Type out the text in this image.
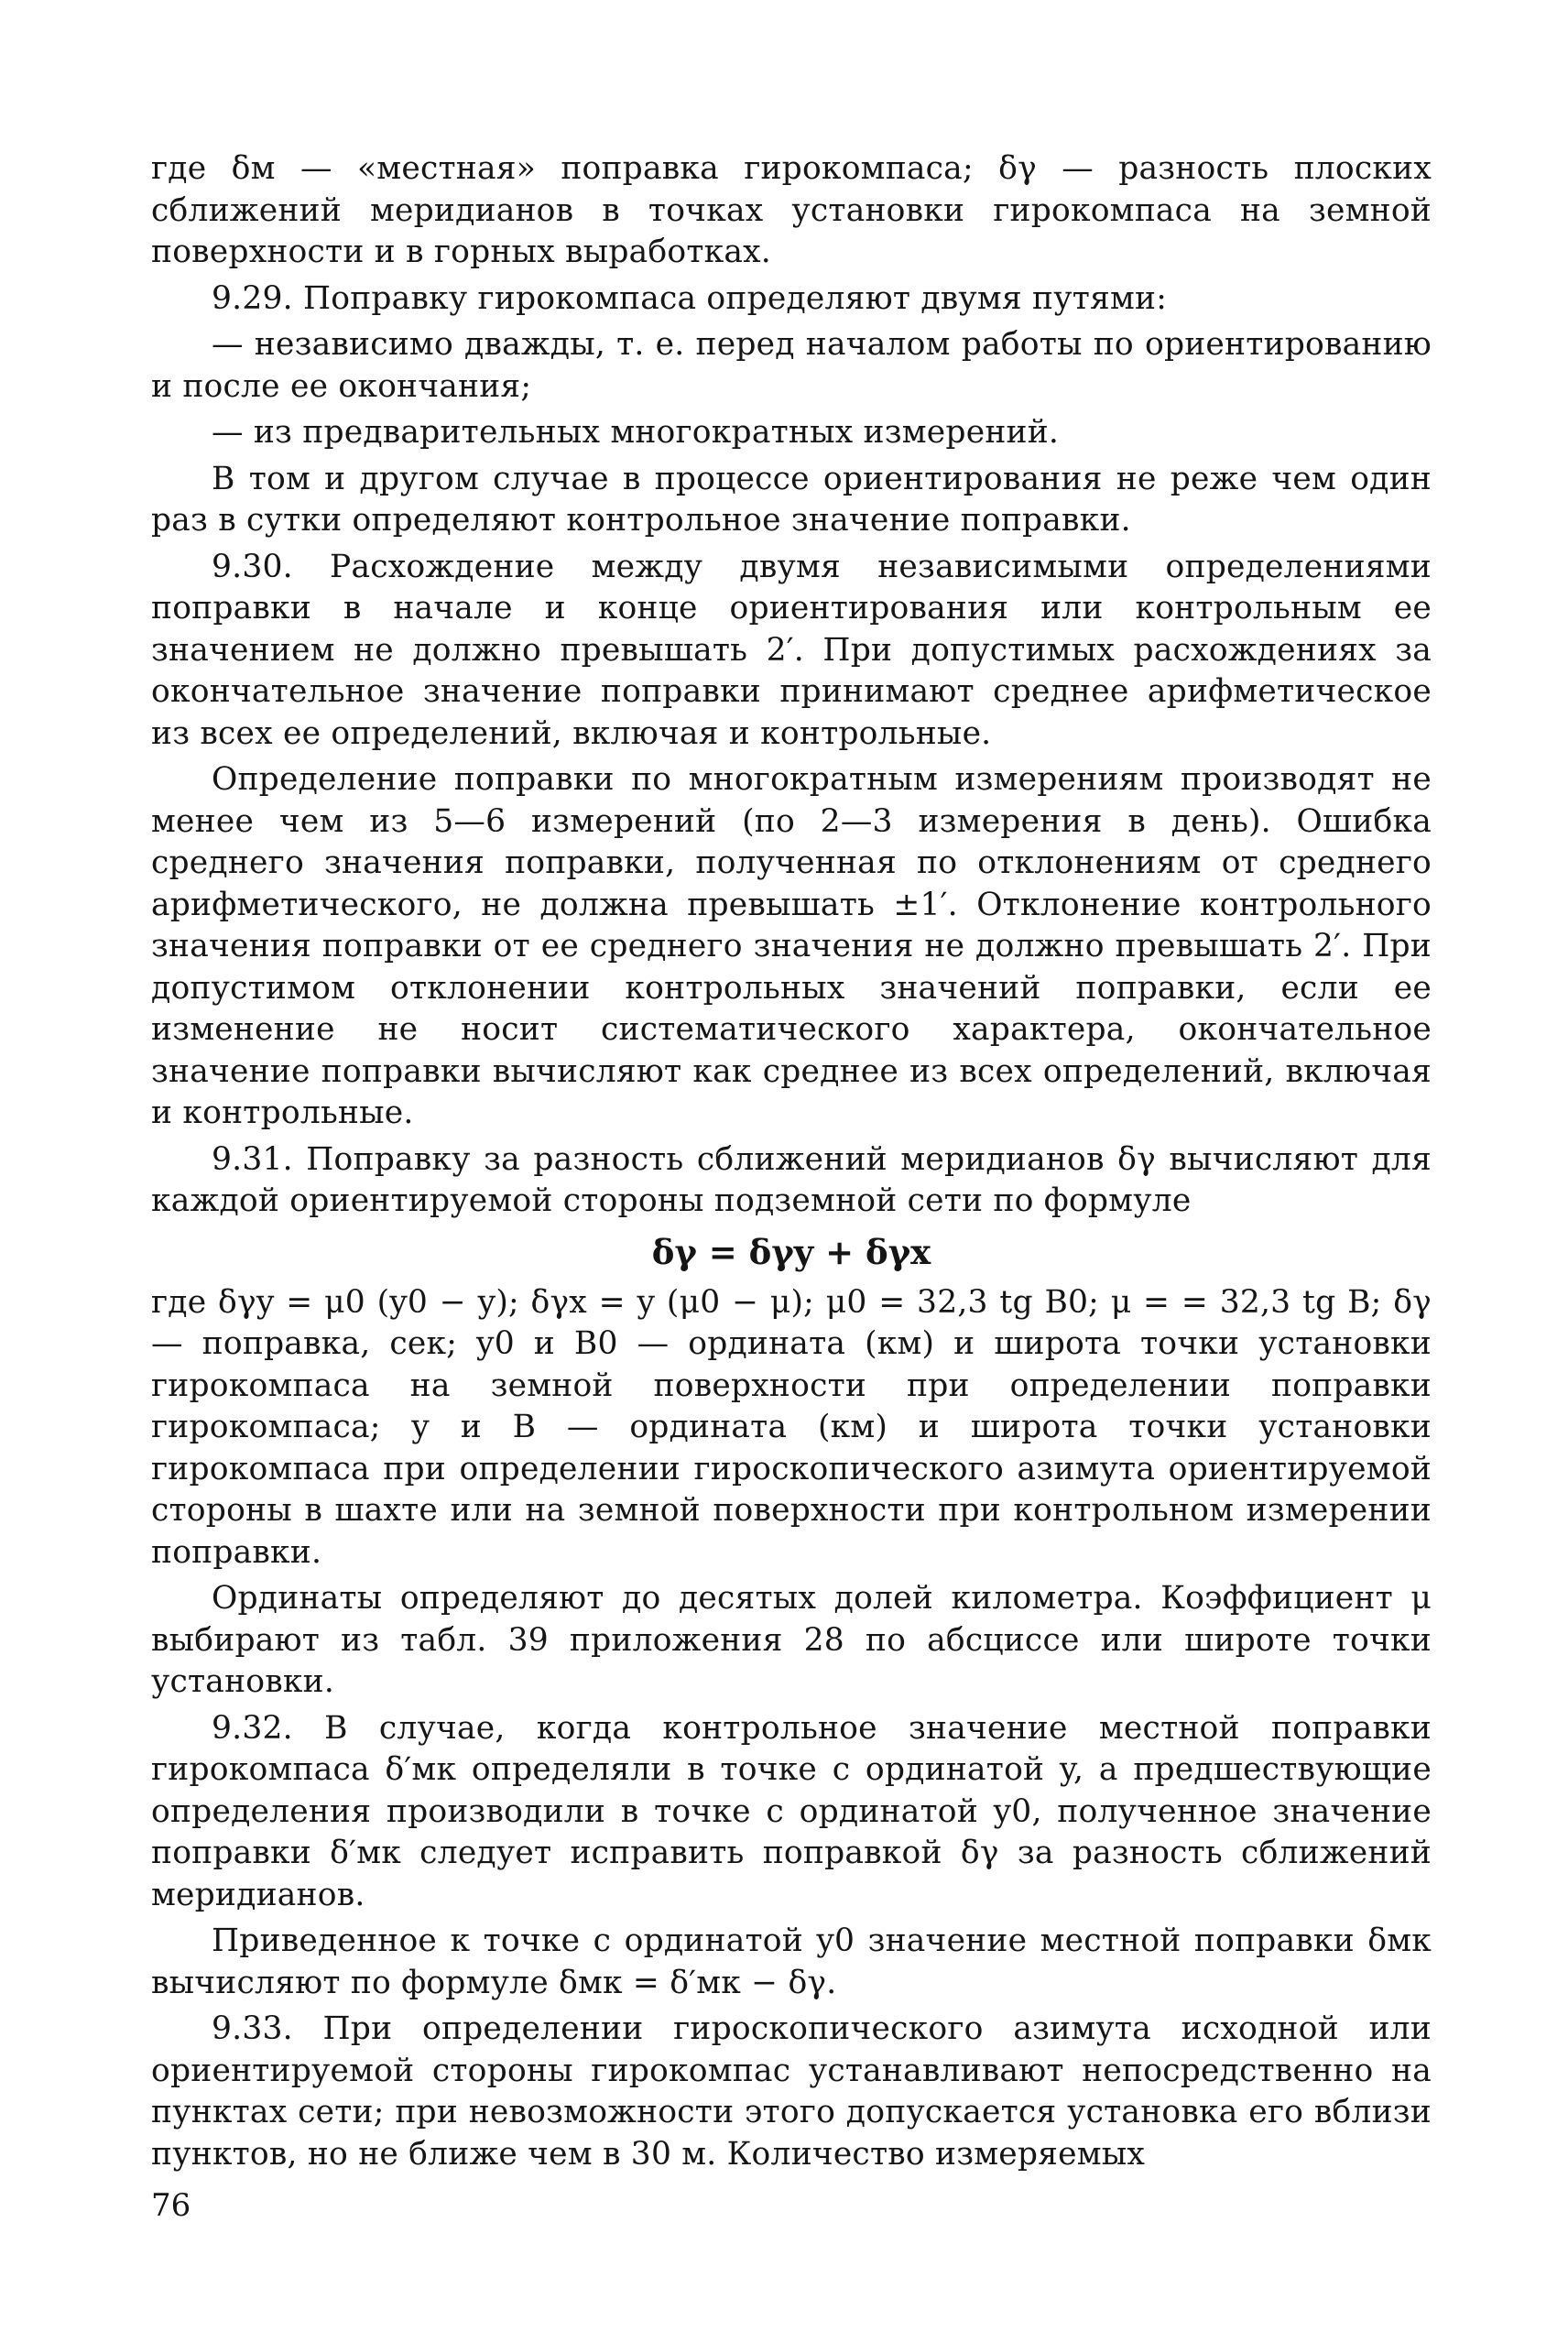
где δм — «местная» поправка гирокомпаса; δγ — разность плоских сближений меридианов в точках установки гирокомпаса на земной поверхности и в горных выработках.

9.29. Поправку гирокомпаса определяют двумя путями:

— независимо дважды, т. е. перед началом работы по ориентированию и после ее окончания;

— из предварительных многократных измерений.

В том и другом случае в процессе ориентирования не реже чем один раз в сутки определяют контрольное значение поправки.

9.30. Расхождение между двумя независимыми определениями поправки в начале и конце ориентирования или контрольным ее значением не должно превышать 2′. При допустимых расхождениях за окончательное значение поправки принимают среднее арифметическое из всех ее определений, включая и контрольные.

Определение поправки по многократным измерениям производят не менее чем из 5—6 измерений (по 2—3 измерения в день). Ошибка среднего значения поправки, полученная по отклонениям от среднего арифметического, не должна превышать ±1′. Отклонение контрольного значения поправки от ее среднего значения не должно превышать 2′. При допустимом отклонении контрольных значений поправки, если ее изменение не носит систематического характера, окончательное значение поправки вычисляют как среднее из всех определений, включая и контрольные.

9.31. Поправку за разность сближений меридианов δγ вычисляют для каждой ориентируемой стороны подземной сети по формуле

δγ = δγy + δγx

где δγy = μ0 (y0 − y); δγx = y (μ0 − μ); μ0 = 32,3 tg B0; μ = = 32,3 tg B; δγ — поправка, сек; y0 и B0 — ордината (км) и широта точки установки гирокомпаса на земной поверхности при определении поправки гирокомпаса; y и B — ордината (км) и широта точки установки гирокомпаса при определении гироскопического азимута ориентируемой стороны в шахте или на земной поверхности при контрольном измерении поправки.

Ординаты определяют до десятых долей километра. Коэффициент μ выбирают из табл. 39 приложения 28 по абсциссе или широте точки установки.

9.32. В случае, когда контрольное значение местной поправки гирокомпаса δ′мк определяли в точке с ординатой y, а предшествующие определения производили в точке с ординатой y0, полученное значение поправки δ′мк следует исправить поправкой δγ за разность сближений меридианов.

Приведенное к точке с ординатой y0 значение местной поправки δмк вычисляют по формуле δмк = δ′мк − δγ.

9.33. При определении гироскопического азимута исходной или ориентируемой стороны гирокомпас устанавливают непосредственно на пунктах сети; при невозможности этого допускается установка его вблизи пунктов, но не ближе чем в 30 м. Количество измеряемых

76
